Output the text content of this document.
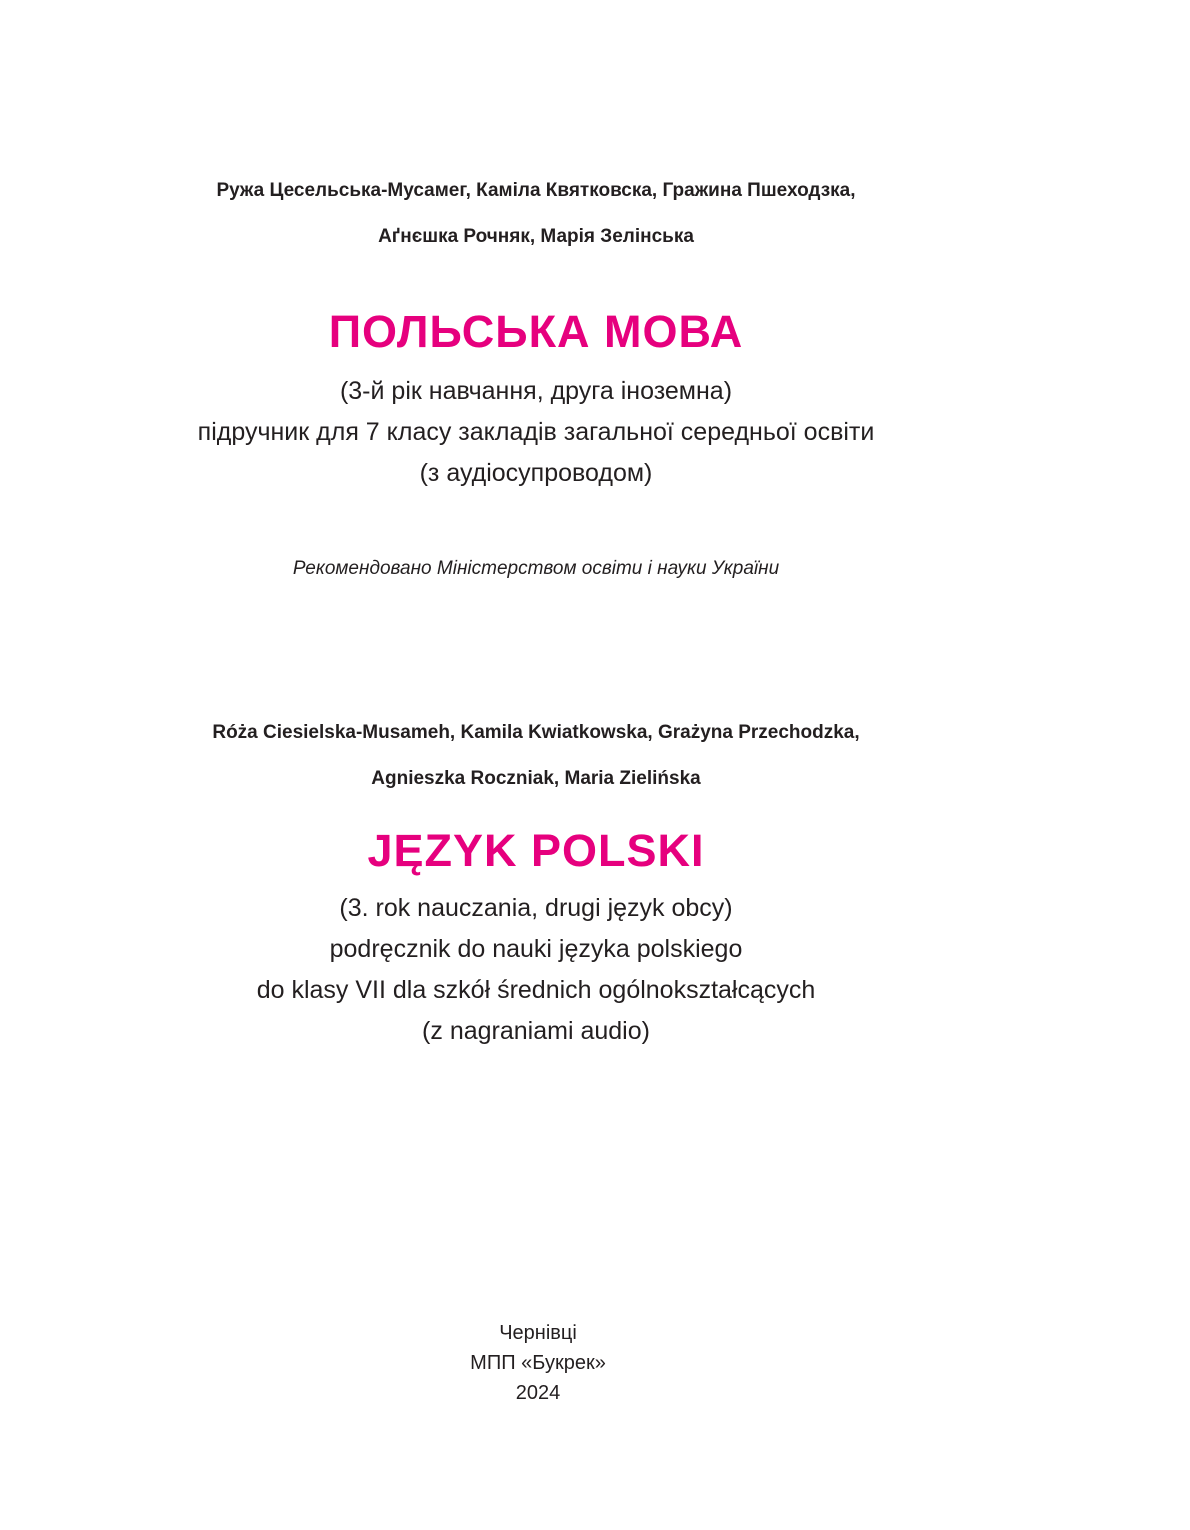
Ружа Цесельська-Мусамег, Каміла Квятковска, Гражина Пшеходзка,
Аґнєшка Рочняк, Марія Зелінська
ПОЛЬСЬКА МОВА
(3-й рік навчання, друга іноземна)
підручник для 7 класу закладів загальної середньої освіти
(з аудіосупроводом)
Рекомендовано Міністерством освіти і науки України
Róża Ciesielska-Musameh, Kamila Kwiatkowska, Grażyna Przechodzka,
Agnieszka Roczniak, Maria Zielińska
JĘZYK POLSKI
(3. rok nauczania, drugi język obcy)
podręcznik do nauki języka polskiego
do klasy VII dla szkół średnich ogólnokształcących
(z nagraniami audio)
Чернівці
МПП «Букрек»
2024
